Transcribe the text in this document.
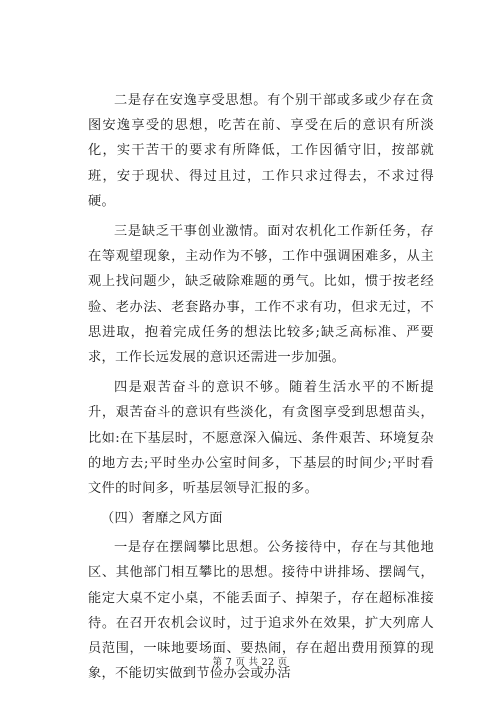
二是存在安逸享受思想。有个别干部或多或少存在贪图安逸享受的思想，吃苦在前、享受在后的意识有所淡化，实干苦干的要求有所降低，工作因循守旧，按部就班，安于现状、得过且过，工作只求过得去，不求过得硬。

三是缺乏干事创业激情。面对农机化工作新任务，存在等观望现象，主动作为不够，工作中强调困难多，从主观上找问题少，缺乏破除难题的勇气。比如，惯于按老经验、老办法、老套路办事，工作不求有功，但求无过，不思进取，抱着完成任务的想法比较多;缺乏高标准、严要求，工作长远发展的意识还需进一步加强。

四是艰苦奋斗的意识不够。随着生活水平的不断提升，艰苦奋斗的意识有些淡化，有贪图享受到思想苗头，比如:在下基层时，不愿意深入偏远、条件艰苦、环境复杂的地方去;平时坐办公室时间多，下基层的时间少;平时看文件的时间多，听基层领导汇报的多。

（四）奢靡之风方面

一是存在摆阔攀比思想。公务接待中，存在与其他地区、其他部门相互攀比的思想。接待中讲排场、摆阔气，能定大桌不定小桌，不能丢面子、掉架子，存在超标准接待。在召开农机会议时，过于追求外在效果，扩大列席人员范围，一味地要场面、要热闹，存在超出费用预算的现象，不能切实做到节俭办会或办活

第 7 页 共 22 页
